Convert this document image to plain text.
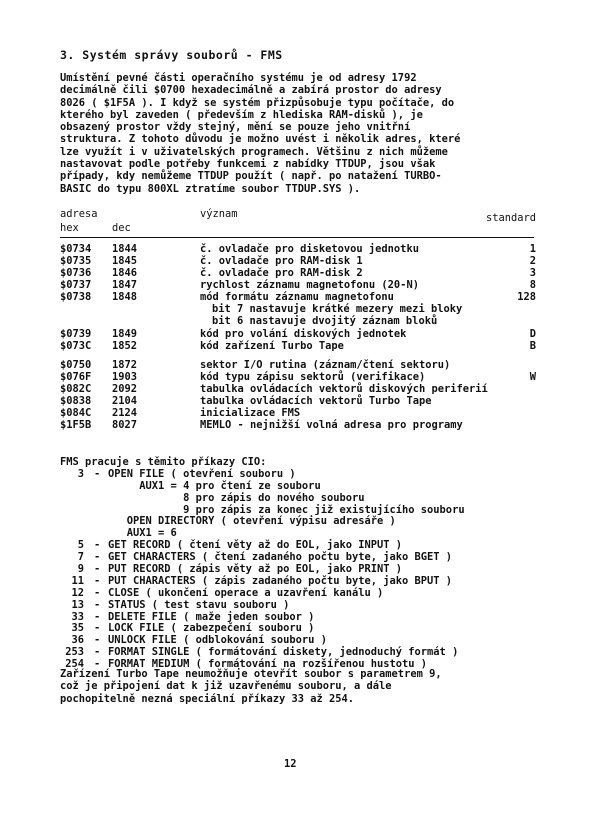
3. Systém správy souborů - FMS
Umístění pevné části operačního systému je od adresy 1792
decimálně čili $0700 hexadecimálně a zabírá prostor do adresy
8026 ( $1F5A ). I když se systém přizpůsobuje typu počítače, do
kterého byl zaveden ( především z hlediska RAM-disků ), je
obsazený prostor vždy stejný, mění se pouze jeho vnitřní
struktura. Z tohoto důvodu je možno uvést i několik adres, které
lze využít i v uživatelských programech. Většinu z nich můžeme
nastavovat podle potřeby funkcemi z nabídky TTDUP, jsou však
případy, kdy nemůžeme TTDUP použít ( např. po natažení TURBO-
BASIC do typu 800XL ztratíme soubor TTDUP.SYS ).
adresa	význam	standard
hex	dec
$0734 1844	č. ovladače pro disketovou jednotku	1
$0735 1845	č. ovladače pro RAM-disk 1	2
$0736 1846	č. ovladače pro RAM-disk 2	3
$0737 1847	rychlost záznamu magnetofonu (20-N)	8
$0738 1848	mód formátu záznamu magnetofonu	128
bit 7 nastavuje krátké mezery mezi bloky
bit 6 nastavuje dvojitý záznam bloků
$0739 1849	kód pro volání diskových jednotek	D
$073C 1852	kód zařízení Turbo Tape	B
$0750 1872	sektor I/O rutina (záznam/čtení sektoru)
$076F 1903	kód typu zápisu sektorů (verifikace)	W
$082C 2092	tabulka ovládacích vektorů diskových periferií
$0838 2104	tabulka ovládacích vektorů Turbo Tape
$084C 2124	inicializace FMS
$1F5B 8027	MEMLO - nejnižší volná adresa pro programy
FMS pracuje s těmito příkazy CIO:
3 - OPEN FILE ( otevření souboru )
AUX1 = 4 pro čtení ze souboru
8 pro zápis do nového souboru
9 pro zápis za konec již existujícího souboru
OPEN DIRECTORY ( otevření výpisu adresáře )
AUX1 = 6
5 - GET RECORD ( čtení věty až do EOL, jako INPUT )
7 - GET CHARACTERS ( čtení zadaného počtu byte, jako BGET )
9 - PUT RECORD ( zápis věty až po EOL, jako PRINT )
11 - PUT CHARACTERS ( zápis zadaného počtu byte, jako BPUT )
12 - CLOSE ( ukončení operace a uzavření kanálu )
13 - STATUS ( test stavu souboru )
33 - DELETE FILE ( maže jeden soubor )
35 - LOCK FILE ( zabezpečení souboru )
36 - UNLOCK FILE ( odblokování souboru )
253 - FORMAT SINGLE ( formátování diskety, jednoduchý formát )
254 - FORMAT MEDIUM ( formátování na rozšířenou hustotu )
Zařízení Turbo Tape neumožňuje otevřít soubor s parametrem 9,
což je připojení dat k již uzavřenému souboru, a dále
pochopitelně nezná speciální příkazy 33 až 254.
12
